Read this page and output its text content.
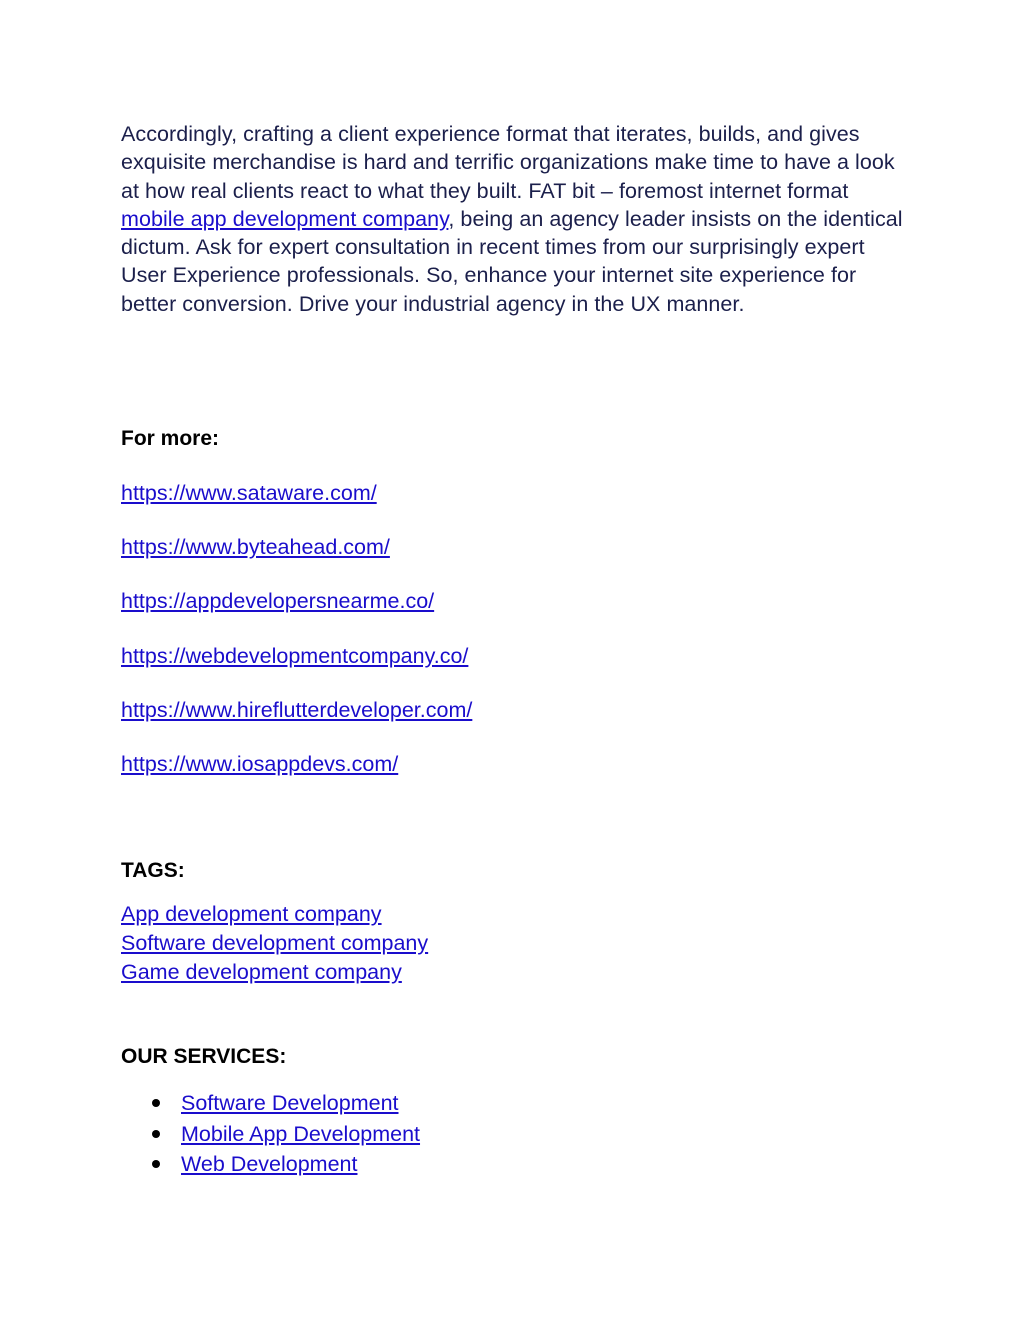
Accordingly, crafting a client experience format that iterates, builds, and gives exquisite merchandise is hard and terrific organizations make time to have a look at how real clients react to what they built. FAT bit – foremost internet format mobile app development company, being an agency leader insists on the identical dictum. Ask for expert consultation in recent times from our surprisingly expert User Experience professionals. So, enhance your internet site experience for better conversion. Drive your industrial agency in the UX manner.
For more:
https://www.sataware.com/
https://www.byteahead.com/
https://appdevelopersnearme.co/
https://webdevelopmentcompany.co/
https://www.hireflutterdeveloper.com/
https://www.iosappdevs.com/
TAGS:
App development company
Software development company
Game development company
OUR SERVICES:
Software Development
Mobile App Development
Web Development
